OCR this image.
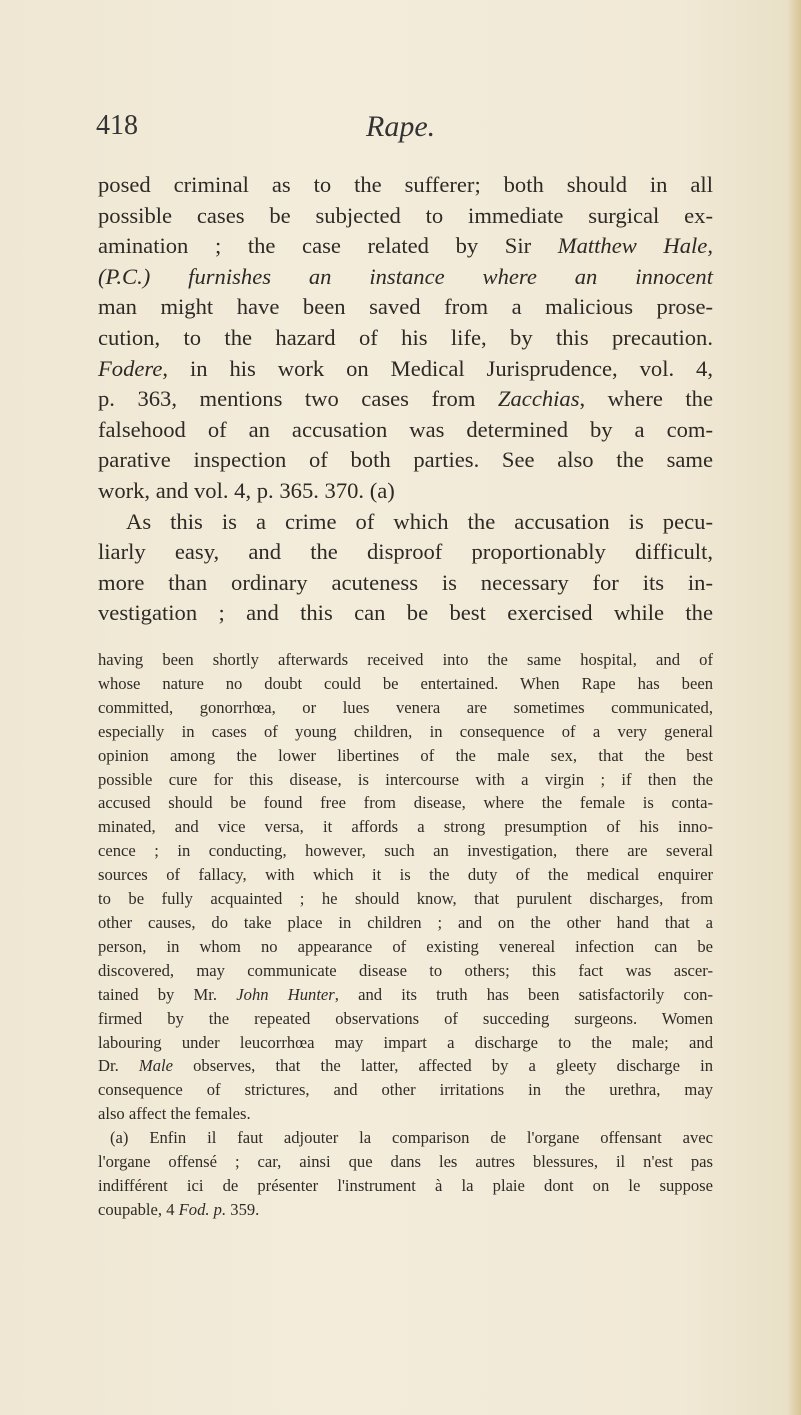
418	Rape.
posed criminal as to the sufferer; both should in all
possible cases be subjected to immediate surgical ex-
amination ; the case related by Sir Matthew Hale,
(P.C.) furnishes an instance where an innocent
man might have been saved from a malicious prose-
cution, to the hazard of his life, by this precaution.
Fodere, in his work on Medical Jurisprudence, vol. 4,
p. 363, mentions two cases from Zacchias, where the
falsehood of an accusation was determined by a com-
parative inspection of both parties. See also the same
work, and vol. 4, p. 365. 370. (a)
As this is a crime of which the accusation is pecu-
liarly easy, and the disproof proportionably difficult,
more than ordinary acuteness is necessary for its in-
vestigation ; and this can be best exercised while the
having been shortly afterwards received into the same hospital, and of
whose nature no doubt could be entertained. When Rape has been
committed, gonorrhœa, or lues venera are sometimes communicated,
especially in cases of young children, in consequence of a very general
opinion among the lower libertines of the male sex, that the best
possible cure for this disease, is intercourse with a virgin ; if then the
accused should be found free from disease, where the female is conta-
minated, and vice versa, it affords a strong presumption of his inno-
cence ; in conducting, however, such an investigation, there are several
sources of fallacy, with which it is the duty of the medical enquirer
to be fully acquainted ; he should know, that purulent discharges, from
other causes, do take place in children ; and on the other hand that a
person, in whom no appearance of existing venereal infection can be
discovered, may communicate disease to others; this fact was ascer-
tained by Mr. John Hunter, and its truth has been satisfactorily con-
firmed by the repeated observations of succeding surgeons. Women
labouring under leucorrhœa may impart a discharge to the male; and
Dr. Male observes, that the latter, affected by a gleety discharge in
consequence of strictures, and other irritations in the urethra, may
also affect the females.
(a) Enfin il faut adjouter la comparison de l'organe offensant avec
l'organe offensé ; car, ainsi que dans les autres blessures, il n'est pas
indifférent ici de présenter l'instrument à la plaie dont on le suppose
coupable, 4 Fod. p. 359.
